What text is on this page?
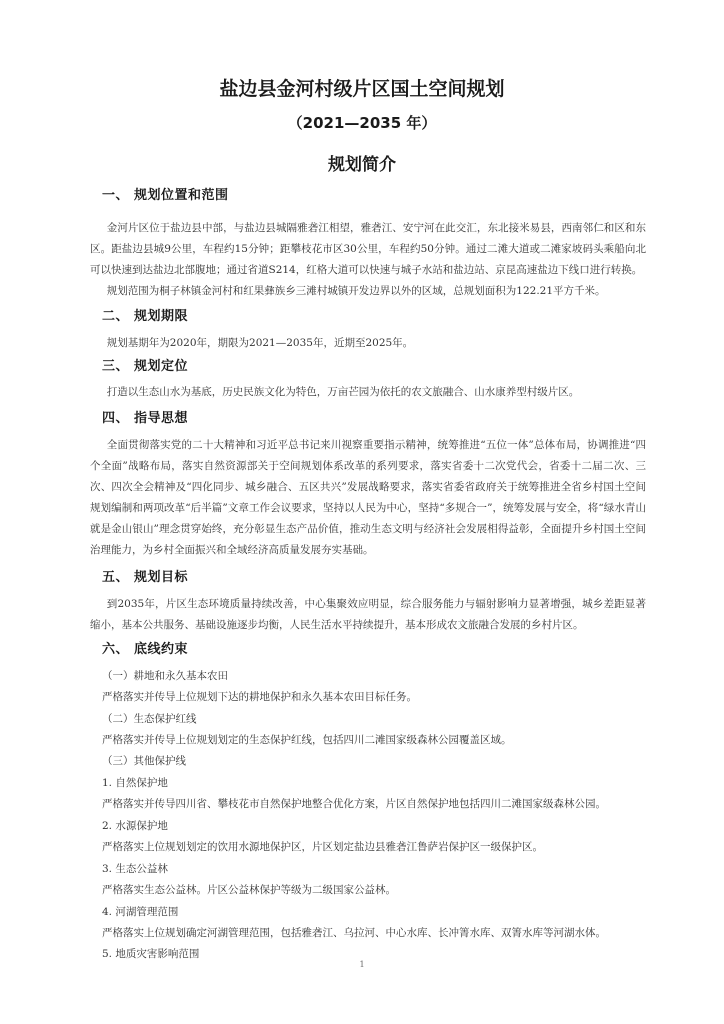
盐边县金河村级片区国土空间规划
（2021—2035 年）
规划简介
一、 规划位置和范围
金河片区位于盐边县中部，与盐边县城隔雅砻江相望，雅砻江、安宁河在此交汇，东北接米易县，西南邻仁和区和东区。距盐边县城9公里，车程约15分钟；距攀枝花市区30公里，车程约50分钟。通过二滩大道或二滩家坡码头乘船向北可以快速到达盐边北部腹地；通过省道S214，红格大道可以快速与城子水站和盐边站、京昆高速盐边下线口进行转换。
规划范围为桐子林镇金河村和红果彝族乡三滩村城镇开发边界以外的区域，总规划面积为122.21平方千米。
二、 规划期限
规划基期年为2020年，期限为2021—2035年，近期至2025年。
三、 规划定位
打造以生态山水为基底，历史民族文化为特色，万亩芒园为依托的农文旅融合、山水康养型村级片区。
四、 指导思想
全面贯彻落实党的二十大精神和习近平总书记来川视察重要指示精神，统筹推进“五位一体”总体布局，协调推进“四个全面”战略布局，落实自然资源部关于空间规划体系改革的系列要求，落实省委十二次党代会，省委十二届二次、三次、四次全会精神及“四化同步、城乡融合、五区共兴”发展战略要求，落实省委省政府关于统筹推进全省乡村国土空间规划编制和两项改革“后半篇”文章工作会议要求，坚持以人民为中心，坚持“多规合一”，统筹发展与安全，将“绿水青山就是金山银山”理念贯穿始终，充分彰显生态产品价值，推动生态文明与经济社会发展相得益彰，全面提升乡村国土空间治理能力，为乡村全面振兴和全域经济高质量发展夯实基础。
五、 规划目标
到2035年，片区生态环境质量持续改善，中心集聚效应明显，综合服务能力与辐射影响力显著增强，城乡差距显著缩小，基本公共服务、基础设施逐步均衡，人民生活水平持续提升，基本形成农文旅融合发展的乡村片区。
六、 底线约束
（一）耕地和永久基本农田
严格落实并传导上位规划下达的耕地保护和永久基本农田目标任务。
（二）生态保护红线
严格落实并传导上位规划划定的生态保护红线，包括四川二滩国家级森林公园覆盖区域。
（三）其他保护线
1. 自然保护地
严格落实并传导四川省、攀枝花市自然保护地整合优化方案，片区自然保护地包括四川二滩国家级森林公园。
2. 水源保护地
严格落实上位规划划定的饮用水源地保护区，片区划定盐边县雅砻江鲁萨岩保护区一级保护区。
3. 生态公益林
严格落实生态公益林。片区公益林保护等级为二级国家公益林。
4. 河湖管理范围
严格落实上位规划确定河湖管理范围，包括雅砻江、乌拉河、中心水库、长冲箐水库、双箐水库等河湖水体。
5. 地质灾害影响范围
1
